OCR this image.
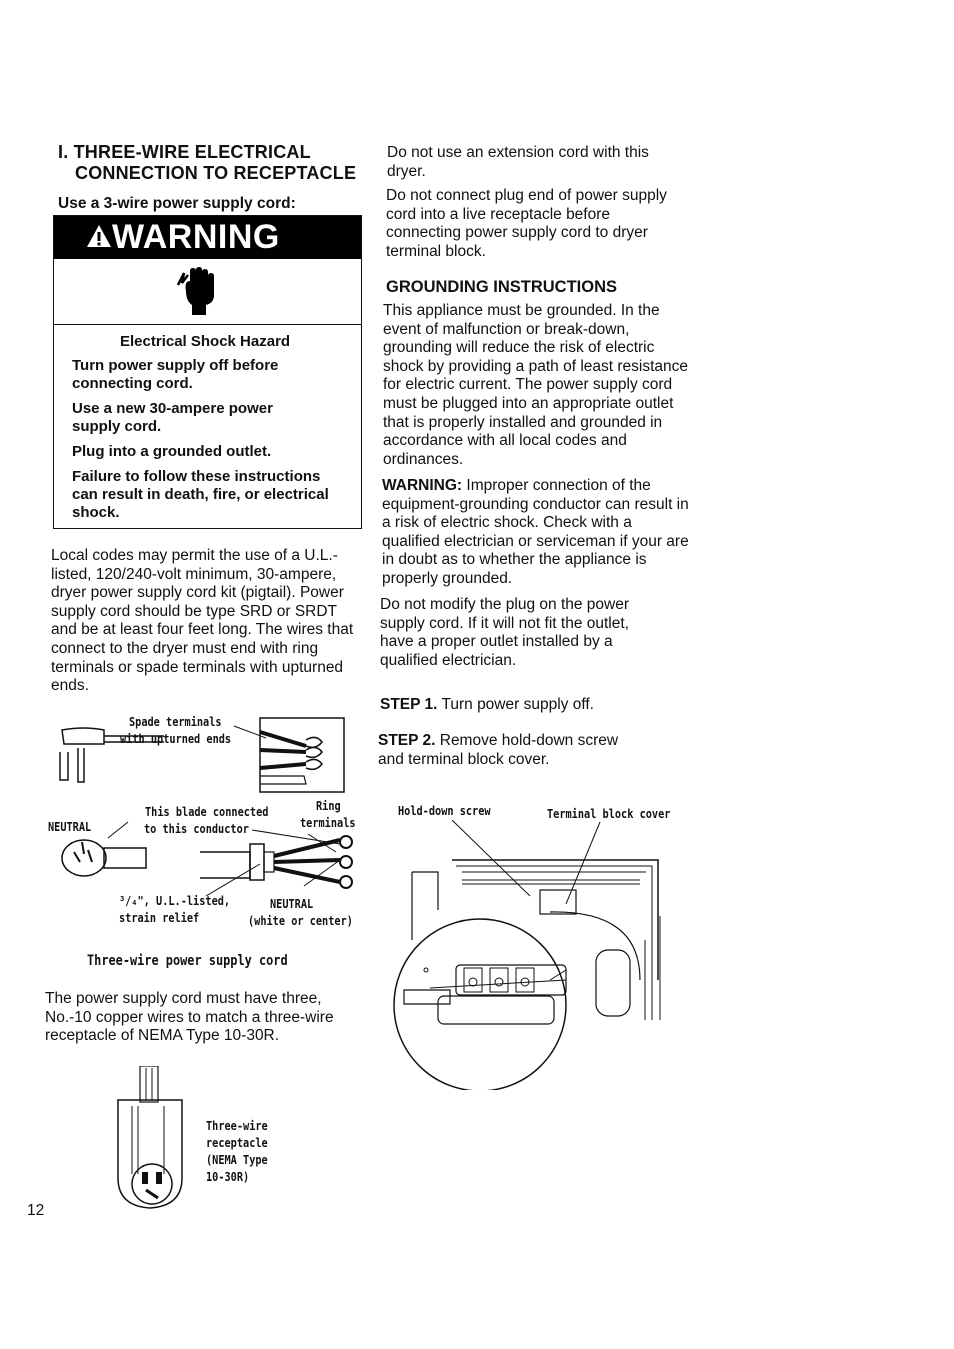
I. THREE-WIRE ELECTRICAL
CONNECTION TO RECEPTACLE
Use a 3-wire power supply cord:
WARNING
Electrical Shock Hazard
Turn power supply off before connecting cord.
Use a new 30-ampere power supply cord.
Plug into a grounded outlet.
Failure to follow these instructions can result in death, fire, or electrical shock.
Local codes may permit the use of a U.L.-listed, 120/240-volt minimum, 30-ampere, dryer power supply cord kit (pigtail). Power supply cord should be type SRD or SRDT and be at least four feet long. The wires that connect to the dryer must end with ring terminals or spade terminals with upturned ends.
Spade terminals
with upturned ends
This blade connected
to this conductor
NEUTRAL
Ring
terminals
³/₄", U.L.-listed,
strain relief
NEUTRAL
(white or center)
Three-wire power supply cord
The power supply cord must have three, No.-10 copper wires to match a three-wire receptacle of NEMA Type 10-30R.
Three-wire
receptacle
(NEMA Type
10-30R)
12
Do not use an extension cord with this dryer.
Do not connect plug end of power supply cord into a live receptacle before connecting power supply cord to dryer terminal block.
GROUNDING INSTRUCTIONS
This appliance must be grounded. In the event of malfunction or break-down, grounding will reduce the risk of electric shock by providing a path of least resistance for electric current. The power supply cord must be plugged into an appropriate outlet that is properly installed and grounded in accordance with all local codes and ordinances.
WARNING: Improper connection of the equipment-grounding conductor can result in a risk of electric shock. Check with a qualified electrician or serviceman if your are in doubt as to whether the appliance is properly grounded.
Do not modify the plug on the power supply cord. If it will not fit the outlet, have a proper outlet installed by a qualified electrician.
STEP 1. Turn power supply off.
STEP 2. Remove hold-down screw and terminal block cover.
Hold-down screw	Terminal block cover
